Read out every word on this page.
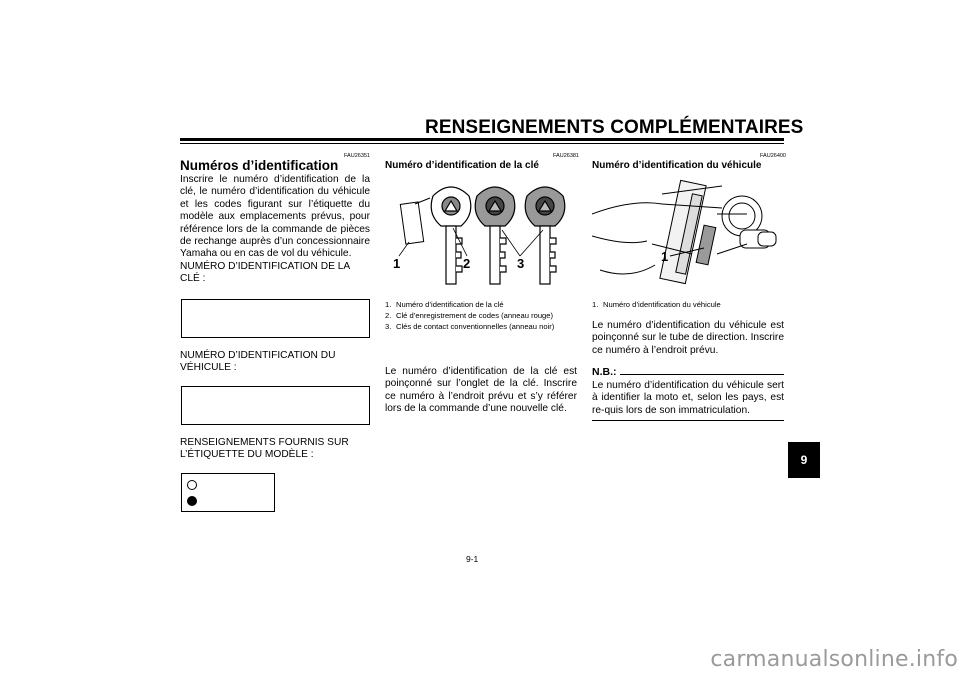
RENSEIGNEMENTS COMPLÉMENTAIRES
FAU26351
Numéros d’identification
Inscrire le numéro d’identification de la clé, le numéro d’identification du véhicule et les codes figurant sur l’étiquette du modèle aux emplacements prévus, pour référence lors de la commande de pièces de rechange auprès d’un concessionnaire Yamaha ou en cas de vol du véhicule.
NUMÉRO D’IDENTIFICATION DE LA
CLÉ :
NUMÉRO D’IDENTIFICATION DU
VÉHICULE :
RENSEIGNEMENTS FOURNIS SUR
L’ÉTIQUETTE DU MODÈLE :
FAU26381
Numéro d’identification de la clé
1	2	3
1. Numéro d’identification de la clé
2. Clé d’enregistrement de codes (anneau rouge)
3. Clés de contact conventionnelles (anneau noir)
Le numéro d’identification de la clé est poinçonné sur l’onglet de la clé. Inscrire ce numéro à l’endroit prévu et s’y référer lors de la commande d’une nouvelle clé.
FAU26400
Numéro d’identification du véhicule
1
1. Numéro d’identification du véhicule
Le numéro d’identification du véhicule est poinçonné sur le tube de direction. Inscrire ce numéro à l’endroit prévu.
N.B.:
Le numéro d’identification du véhicule sert à identifier la moto et, selon les pays, est re-quis lors de son immatriculation.
9
9-1
carmanualsonline.info
